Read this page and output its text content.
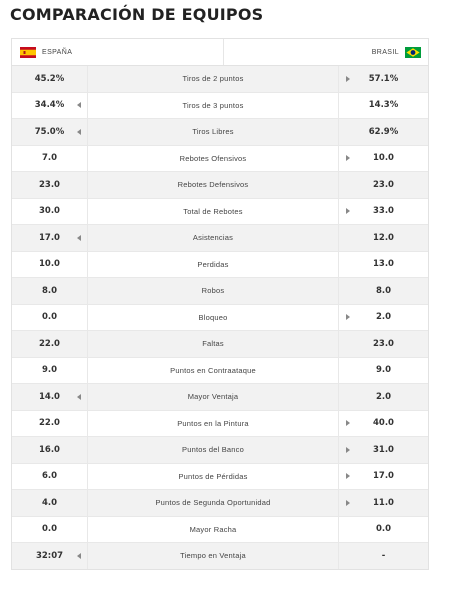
COMPARACIÓN DE EQUIPOS
ESPAÑA	BRASIL
45.2%	Tiros de 2 puntos	57.1%
34.4%	Tiros de 3 puntos	14.3%
75.0%	Tiros Libres	62.9%
7.0	Rebotes Ofensivos	10.0
23.0	Rebotes Defensivos	23.0
30.0	Total de Rebotes	33.0
17.0	Asistencias	12.0
10.0	Perdidas	13.0
8.0	Robos	8.0
0.0	Bloqueo	2.0
22.0	Faltas	23.0
9.0	Puntos en Contraataque	9.0
14.0	Mayor Ventaja	2.0
22.0	Puntos en la Pintura	40.0
16.0	Puntos del Banco	31.0
6.0	Puntos de Pérdidas	17.0
4.0	Puntos de Segunda Oportunidad	11.0
0.0	Mayor Racha	0.0
32:07	Tiempo en Ventaja	-
